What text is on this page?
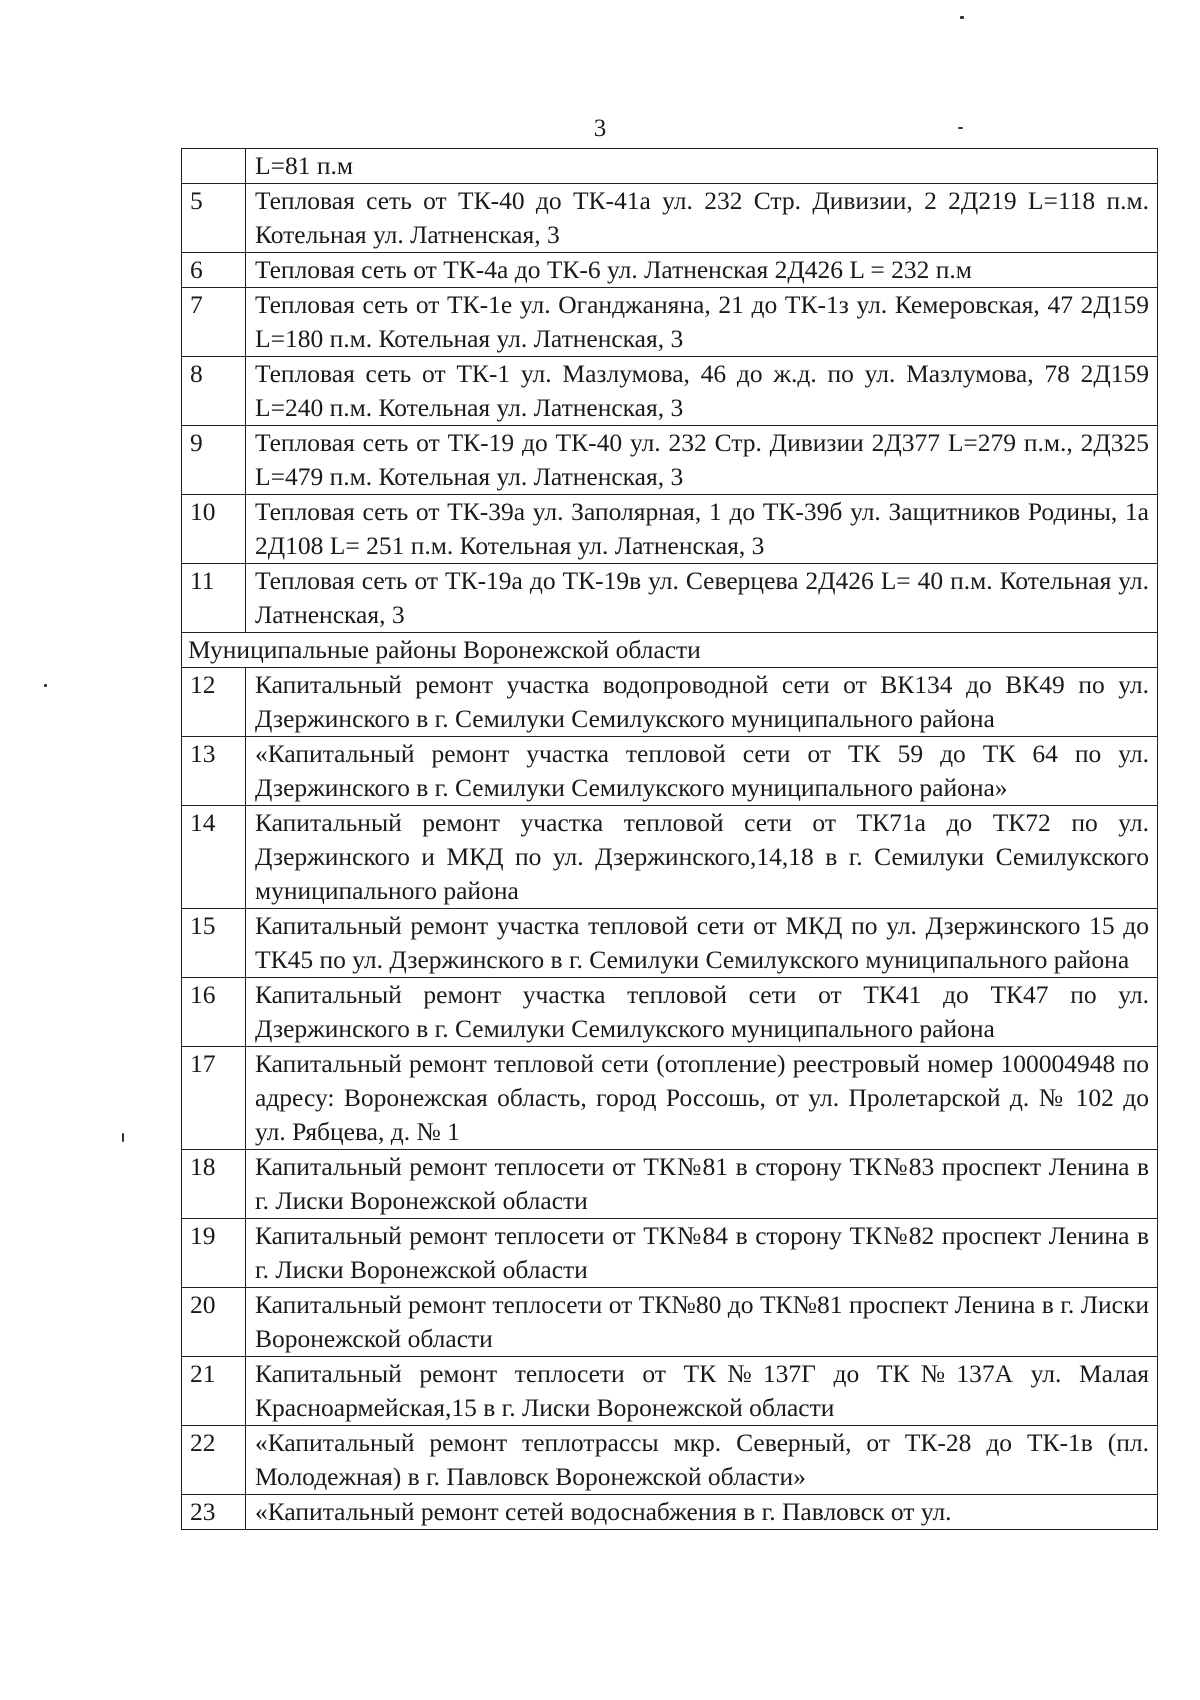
3
	L=81 п.м
5	Тепловая сеть от ТК-40 до ТК-41а ул. 232 Стр. Дивизии, 2 2Д219 L=118 п.м. Котельная ул. Латненская, 3
6	Тепловая сеть от ТК-4а до ТК-6 ул. Латненская 2Д426 L = 232 п.м
7	Тепловая сеть от ТК-1е ул. Оганджаняна, 21 до ТК-1з ул. Кемеровская, 47 2Д159 L=180 п.м. Котельная ул. Латненская, 3
8	Тепловая сеть от ТК-1 ул. Мазлумова, 46 до ж.д. по ул. Мазлумова, 78 2Д159 L=240 п.м. Котельная ул. Латненская, 3
9	Тепловая сеть от ТК-19 до ТК-40 ул. 232 Стр. Дивизии 2Д377 L=279 п.м., 2Д325 L=479 п.м. Котельная ул. Латненская, 3
10	Тепловая сеть от ТК-39а ул. Заполярная, 1 до ТК-39б ул. Защитников Родины, 1а 2Д108 L= 251 п.м. Котельная ул. Латненская, 3
11	Тепловая сеть от ТК-19а до ТК-19в ул. Северцева 2Д426 L= 40 п.м. Котельная ул. Латненская, 3
Муниципальные районы Воронежской области	
12	Капитальный ремонт участка водопроводной сети от ВК134 до ВК49 по ул. Дзержинского в г. Семилуки Семилукского муниципального района
13	«Капитальный ремонт участка тепловой сети от ТК 59 до ТК 64 по ул. Дзержинского в г. Семилуки Семилукского муниципального района»
14	Капитальный ремонт участка тепловой сети от ТК71а до ТК72 по ул. Дзержинского и МКД по ул. Дзержинского,14,18 в г. Семилуки Семилукского муниципального района
15	Капитальный ремонт участка тепловой сети от МКД по ул. Дзержинского 15 до ТК45 по ул. Дзержинского в г. Семилуки Семилукского муниципального района
16	Капитальный ремонт участка тепловой сети от ТК41 до ТК47 по ул. Дзержинского в г. Семилуки Семилукского муниципального района
17	Капитальный ремонт тепловой сети (отопление) реестровый номер 100004948 по адресу: Воронежская область, город Россошь, от ул. Пролетарской д. № 102 до ул. Рябцева, д. № 1
18	Капитальный ремонт теплосети от ТК№81 в сторону ТК№83 проспект Ленина в г. Лиски Воронежской области
19	Капитальный ремонт теплосети от ТК№84 в сторону ТК№82 проспект Ленина в г. Лиски Воронежской области
20	Капитальный ремонт теплосети от ТК№80 до ТК№81 проспект Ленина в г. Лиски Воронежской области
21	Капитальный ремонт теплосети от ТК№137Г до ТК№137А ул. Малая Красноармейская,15 в г. Лиски Воронежской области
22	«Капитальный ремонт теплотрассы мкр. Северный, от ТК-28 до ТК-1в (пл. Молодежная) в г. Павловск Воронежской области»
23	«Капитальный ремонт сетей водоснабжения в г. Павловск от ул.
